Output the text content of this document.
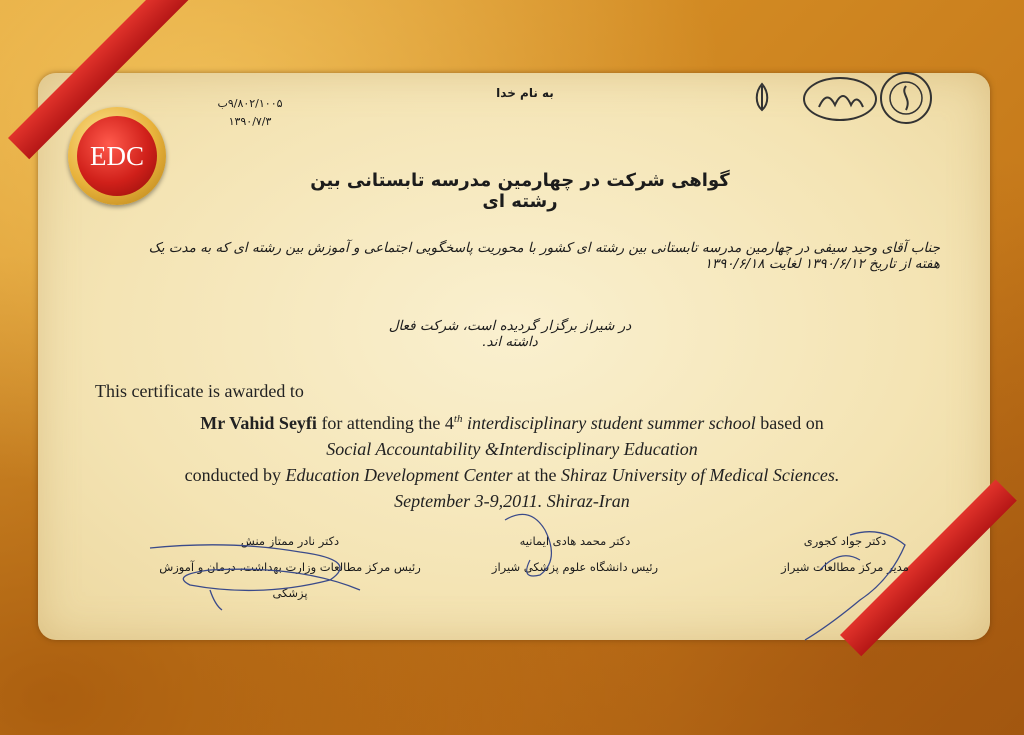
EDC
به نام خدا
۹/۸۰۲/۱۰۰۵ب
۱۳۹۰/۷/۳
گواهی شرکت در چهارمین مدرسه تابستانی بین رشته ای
جناب آقای وحید سیفی در چهارمین مدرسه تابستانی بین رشته ای کشور با محوریت پاسخگویی اجتماعی و آموزش بین رشته ای که به مدت یک هفته از تاریخ ۱۳۹۰/۶/۱۲ لغایت ۱۳۹۰/۶/۱۸
در شیراز برگزار گردیده است، شرکت فعال داشته اند.
This certificate is awarded to
Mr Vahid Seyfi for attending the 4th interdisciplinary student summer school based on
Social Accountability &Interdisciplinary Education
conducted by Education Development Center at the Shiraz University of Medical Sciences.
September 3-9,2011. Shiraz-Iran
دکتر نادر ممتاز منش
رئیس مرکز مطالعات وزارت بهداشت، درمان و آموزش پزشکی
دکتر محمد هادی ایمانیه
رئیس دانشگاه علوم پزشکی شیراز
دکتر جواد کجوری
مدیر مرکز مطالعات شیراز
